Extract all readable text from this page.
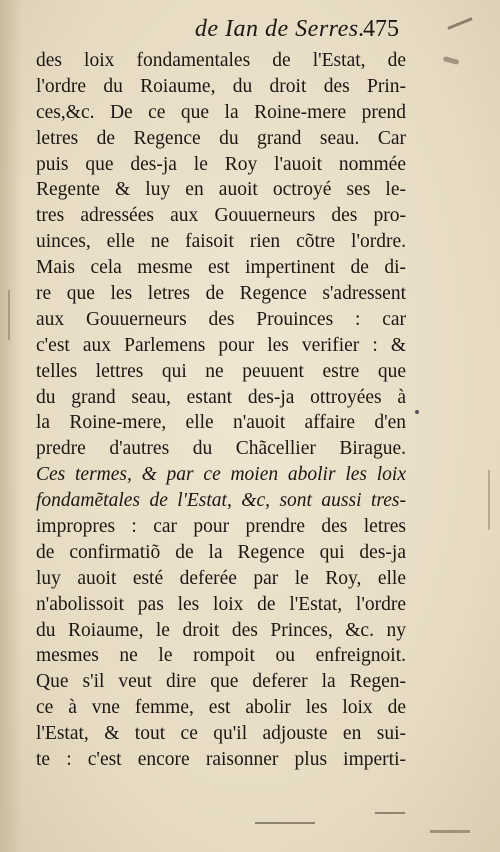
de Ian de Serres.
475
des loix fondamentales de l'Estat, de
l'ordre du Roiaume, du droit des Prin-
ces,&c. De ce que la Roine-mere prend
letres de Regence du grand seau. Car
puis que des-ja le Roy l'auoit nommée
Regente & luy en auoit octroyé ses le-
tres adressées aux Gouuerneurs des pro-
uinces, elle ne faisoit rien cõtre l'ordre.
Mais cela mesme est impertinent de di-
re que les letres de Regence s'adressent
aux Gouuerneurs des Prouinces : car
c'est aux Parlemens pour les verifier : &
telles lettres qui ne peuuent estre que
du grand seau, estant des-ja ottroyées à
la Roine-mere, elle n'auoit affaire d'en
predre d'autres du Chãcellier Birague.
Ces termes, & par ce moien abolir les loix
fondamẽtales de l'Estat, &c, sont aussi tres-
impropres : car pour prendre des letres
de confirmatiõ de la Regence qui des-ja
luy auoit esté deferée par le Roy, elle
n'abolissoit pas les loix de l'Estat, l'ordre
du Roiaume, le droit des Princes, &c. ny
mesmes ne le rompoit ou enfreignoit.
Que s'il veut dire que deferer la Regen-
ce à vne femme, est abolir les loix de
l'Estat, & tout ce qu'il adjouste en sui-
te : c'est encore raisonner plus imperti-
